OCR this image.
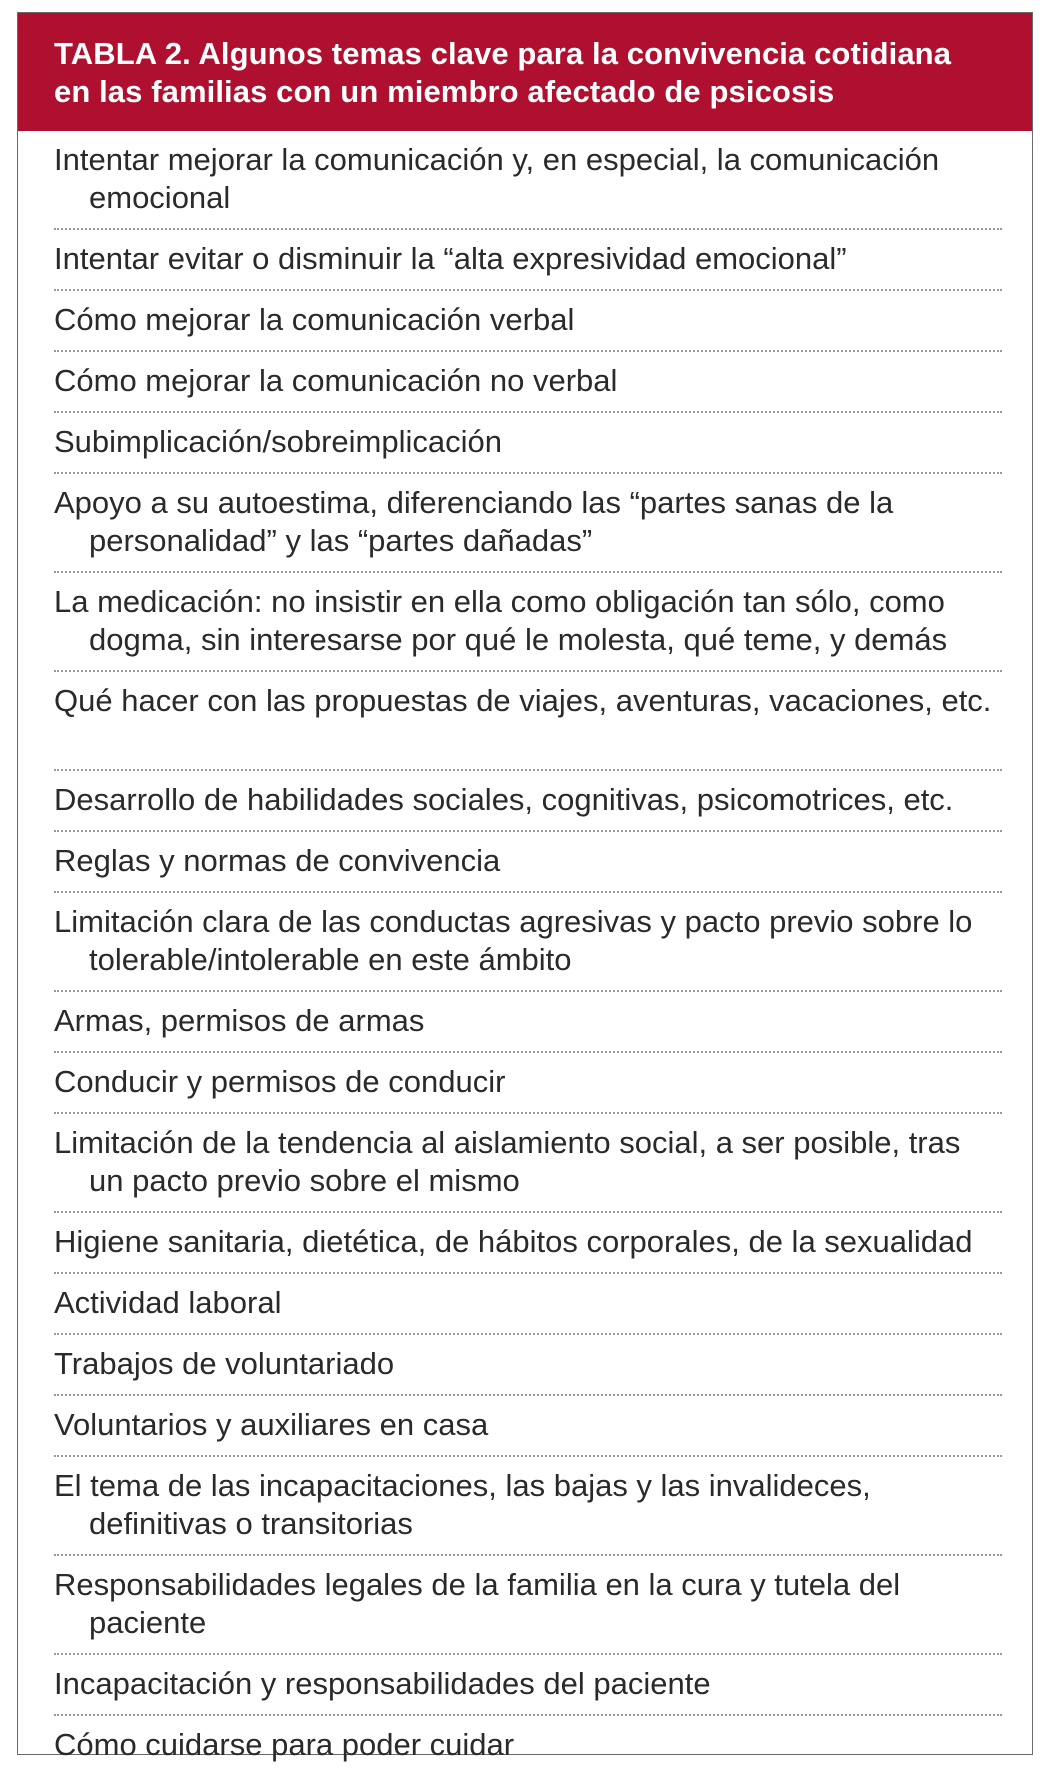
TABLA 2. Algunos temas clave para la convivencia cotidiana
en las familias con un miembro afectado de psicosis
Intentar mejorar la comunicación y, en especial, la comunicación emocional
Intentar evitar o disminuir la “alta expresividad emocional”
Cómo mejorar la comunicación verbal
Cómo mejorar la comunicación no verbal
Subimplicación/sobreimplicación
Apoyo a su autoestima, diferenciando las “partes sanas de la personalidad” y las “partes dañadas”
La medicación: no insistir en ella como obligación tan sólo, como dogma, sin interesarse por qué le molesta, qué teme, y demás
Qué hacer con las propuestas de viajes, aventuras, vacaciones, etc.
Desarrollo de habilidades sociales, cognitivas, psicomotrices, etc.
Reglas y normas de convivencia
Limitación clara de las conductas agresivas y pacto previo sobre lo tolerable/intolerable en este ámbito
Armas, permisos de armas
Conducir y permisos de conducir
Limitación de la tendencia al aislamiento social, a ser posible, tras un pacto previo sobre el mismo
Higiene sanitaria, dietética, de hábitos corporales, de la sexualidad
Actividad laboral
Trabajos de voluntariado
Voluntarios y auxiliares en casa
El tema de las incapacitaciones, las bajas y las invalideces, definitivas o transitorias
Responsabilidades legales de la familia en la cura y tutela del paciente
Incapacitación y responsabilidades del paciente
Cómo cuidarse para poder cuidar
